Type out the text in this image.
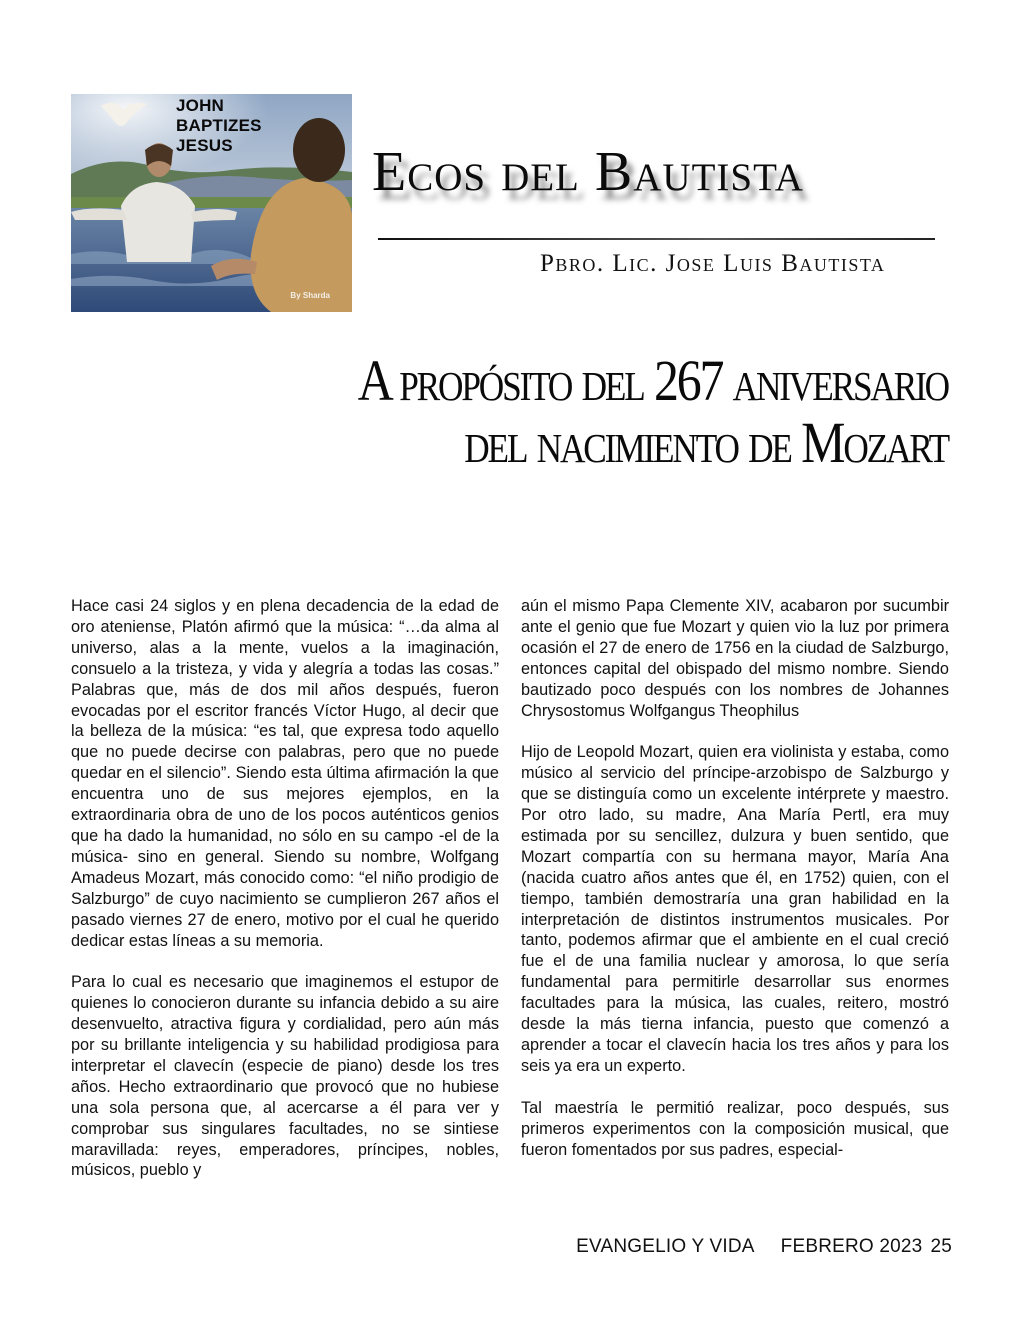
JOHN
BAPTIZES
JESUS
By Sharda
Ecos del Bautista
Pbro. Lic. Jose Luis Bautista
A propósito del 267 aniversario
del nacimiento de Mozart

Hace casi 24 siglos y en plena decadencia de la edad de oro ateniense, Platón afirmó que la música: “…da alma al universo, alas a la mente, vuelos a la imaginación, consuelo a la tristeza, y vida y alegría a todas las cosas.” Palabras que, más de dos mil años después, fueron evocadas por el escritor francés Víctor Hugo, al decir que la belleza de la música: “es tal, que expresa todo aquello que no puede decirse con palabras, pero que no puede quedar en el silencio”. Siendo esta última afirmación la que encuentra uno de sus mejores ejemplos, en la extraordinaria obra de uno de los pocos auténticos genios que ha dado la humanidad, no sólo en su campo -el de la música- sino en general. Siendo su nombre, Wolfgang Amadeus Mozart, más conocido como: “el niño prodigio de Salzburgo” de cuyo nacimiento se cumplieron 267 años el pasado viernes 27 de enero, motivo por el cual he querido dedicar estas líneas a su memoria.

Para lo cual es necesario que imaginemos el estupor de quienes lo conocieron durante su infancia debido a su aire desenvuelto, atractiva figura y cordialidad, pero aún más por su brillante inteligencia y su habilidad prodigiosa para interpretar el clavecín (especie de piano) desde los tres años. Hecho extraordinario que provocó que no hubiese una sola persona que, al acercarse a él para ver y comprobar sus singulares facultades, no se sintiese maravillada: reyes, emperadores, príncipes, nobles, músicos, pueblo y

aún el mismo Papa Clemente XIV, acabaron por sucumbir ante el genio que fue Mozart y quien vio la luz por primera ocasión el 27 de enero de 1756 en la ciudad de Salzburgo, entonces capital del obispado del mismo nombre. Siendo bautizado poco después con los nombres de Johannes Chrysostomus Wolfgangus Theophilus

Hijo de Leopold Mozart, quien era violinista y estaba, como músico al servicio del príncipe-arzobispo de Salzburgo y que se distinguía como un excelente intérprete y maestro. Por otro lado, su madre, Ana María Pertl, era muy estimada por su sencillez, dulzura y buen sentido, que Mozart compartía con su hermana mayor, María Ana (nacida cuatro años antes que él, en 1752) quien, con el tiempo, también demostraría una gran habilidad en la interpretación de distintos instrumentos musicales. Por tanto, podemos afirmar que el ambiente en el cual creció fue el de una familia nuclear y amorosa, lo que sería fundamental para permitirle desarrollar sus enormes facultades para la música, las cuales, reitero, mostró desde la más tierna infancia, puesto que comenzó a aprender a tocar el clavecín hacia los tres años y para los seis ya era un experto.

Tal maestría le permitió realizar, poco después, sus primeros experimentos con la composición musical, que fueron fomentados por sus padres, especial-

EVANGELIO Y VIDA FEBRERO 2023 25
